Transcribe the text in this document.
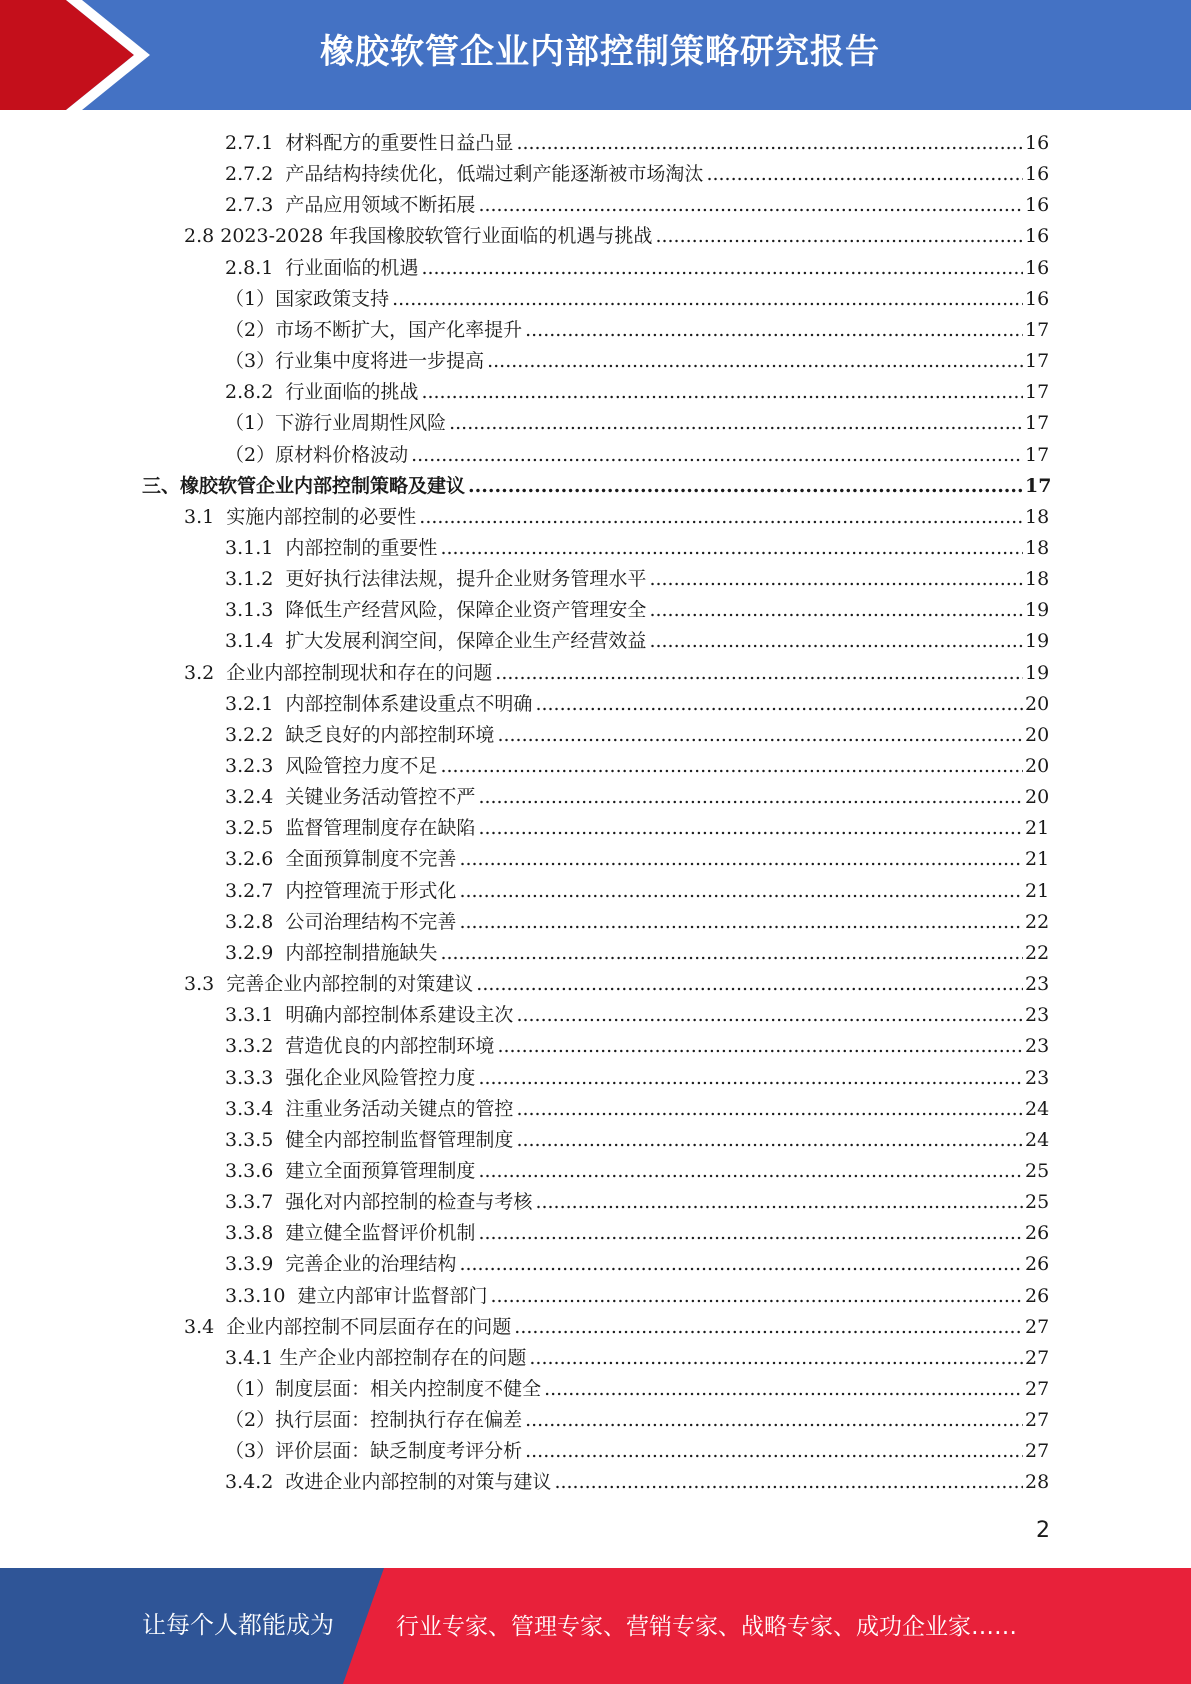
橡胶软管企业内部控制策略研究报告
2.7.1  材料配方的重要性日益凸显 .....	16
2.7.2  产品结构持续优化，低端过剩产能逐渐被市场淘汰 .....	16
2.7.3  产品应用领域不断拓展 .....	16
2.8 2023-2028 年我国橡胶软管行业面临的机遇与挑战 .....	16
2.8.1  行业面临的机遇 .....	16
（1）国家政策支持 .....	16
（2）市场不断扩大，国产化率提升 .....	17
（3）行业集中度将进一步提高 .....	17
2.8.2  行业面临的挑战 .....	17
（1）下游行业周期性风险 .....	17
（2）原材料价格波动 .....	17
三、橡胶软管企业内部控制策略及建议 .....	17
3.1  实施内部控制的必要性 .....	18
3.1.1  内部控制的重要性 .....	18
3.1.2  更好执行法律法规，提升企业财务管理水平 .....	18
3.1.3  降低生产经营风险，保障企业资产管理安全 .....	19
3.1.4  扩大发展利润空间，保障企业生产经营效益 .....	19
3.2  企业内部控制现状和存在的问题 .....	19
3.2.1  内部控制体系建设重点不明确 .....	20
3.2.2  缺乏良好的内部控制环境 .....	20
3.2.3  风险管控力度不足 .....	20
3.2.4  关键业务活动管控不严 .....	20
3.2.5  监督管理制度存在缺陷 .....	21
3.2.6  全面预算制度不完善 .....	21
3.2.7  内控管理流于形式化 .....	21
3.2.8  公司治理结构不完善 .....	22
3.2.9  内部控制措施缺失 .....	22
3.3  完善企业内部控制的对策建议 .....	23
3.3.1  明确内部控制体系建设主次 .....	23
3.3.2  营造优良的内部控制环境 .....	23
3.3.3  强化企业风险管控力度 .....	23
3.3.4  注重业务活动关键点的管控 .....	24
3.3.5  健全内部控制监督管理制度 .....	24
3.3.6  建立全面预算管理制度 .....	25
3.3.7  强化对内部控制的检查与考核 .....	25
3.3.8  建立健全监督评价机制 .....	26
3.3.9  完善企业的治理结构 .....	26
3.3.10  建立内部审计监督部门 .....	26
3.4  企业内部控制不同层面存在的问题 .....	27
3.4.1 生产企业内部控制存在的问题 .....	27
（1）制度层面：相关内控制度不健全 .....	27
（2）执行层面：控制执行存在偏差 .....	27
（3）评价层面：缺乏制度考评分析 .....	27
3.4.2  改进企业内部控制的对策与建议 .....	28
2
让每个人都能成为	行业专家、管理专家、营销专家、战略专家、成功企业家……
